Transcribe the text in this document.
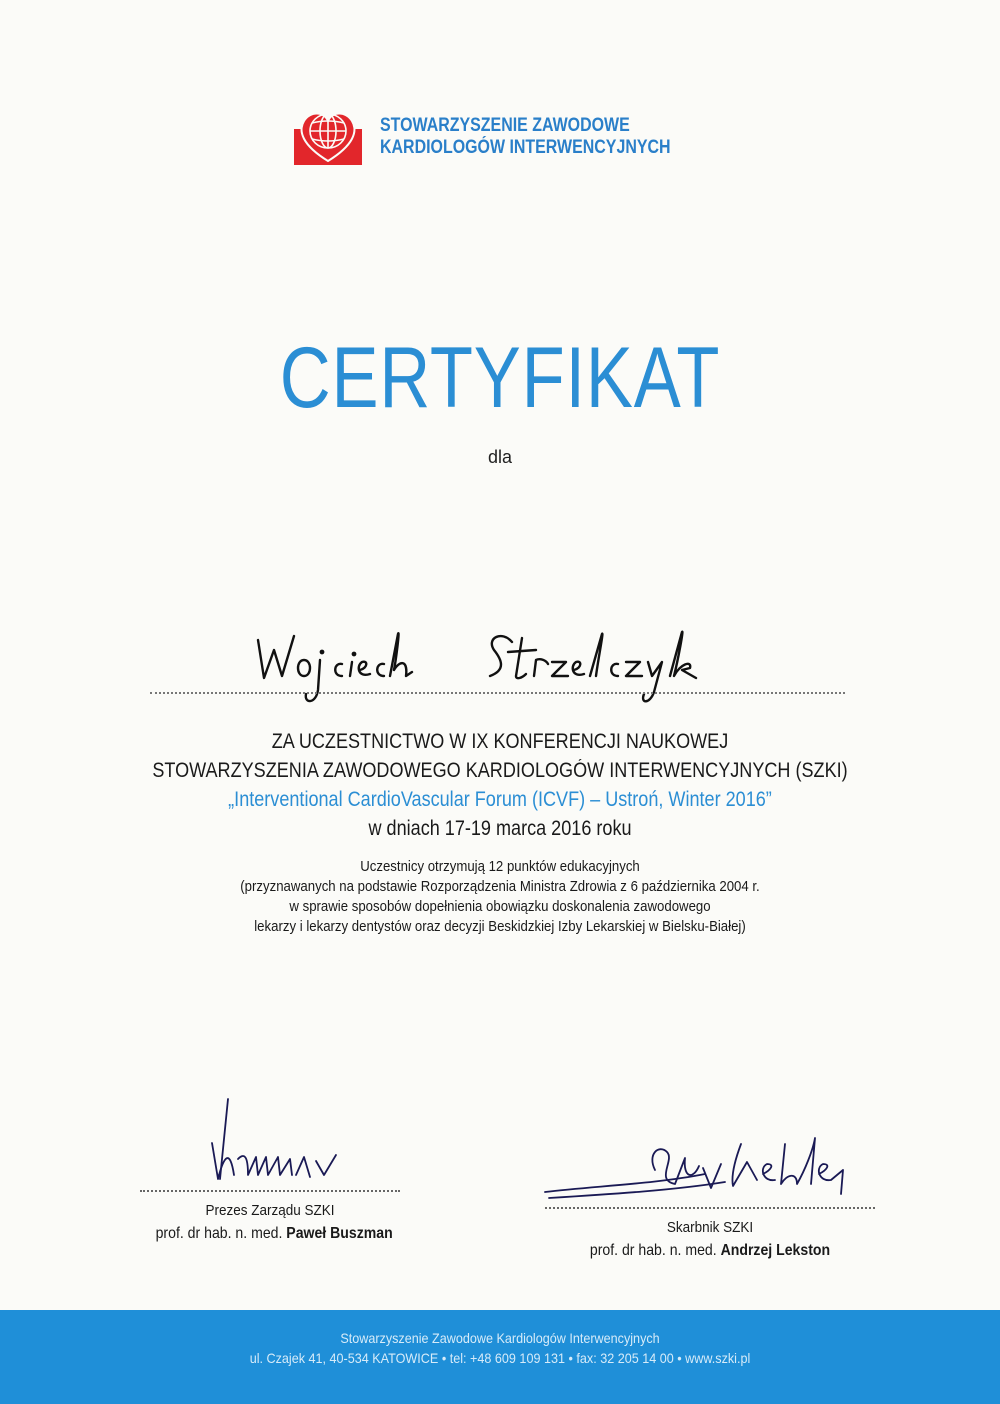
STOWARZYSZENIE ZAWODOWE
KARDIOLOGÓW INTERWENCYJNYCH
CERTYFIKAT
dla
ZA UCZESTNICTWO W IX KONFERENCJI NAUKOWEJ
STOWARZYSZENIA ZAWODOWEGO KARDIOLOGÓW INTERWENCYJNYCH (SZKI)
„Interventional CardioVascular Forum (ICVF) – Ustroń, Winter 2016”
w dniach 17-19 marca 2016 roku
Uczestnicy otrzymują 12 punktów edukacyjnych
(przyznawanych na podstawie Rozporządzenia Ministra Zdrowia z 6 października 2004 r.
w sprawie sposobów dopełnienia obowiązku doskonalenia zawodowego
lekarzy i lekarzy dentystów oraz decyzji Beskidzkiej Izby Lekarskiej w Bielsku-Białej)
Prezes Zarządu SZKI
prof. dr hab. n. med. Paweł Buszman	Skarbnik SZKI
prof. dr hab. n. med. Andrzej Lekston
Stowarzyszenie Zawodowe Kardiologów Interwencyjnych
ul. Czajek 41, 40-534 KATOWICE • tel: +48 609 109 131 • fax: 32 205 14 00 • www.szki.pl
